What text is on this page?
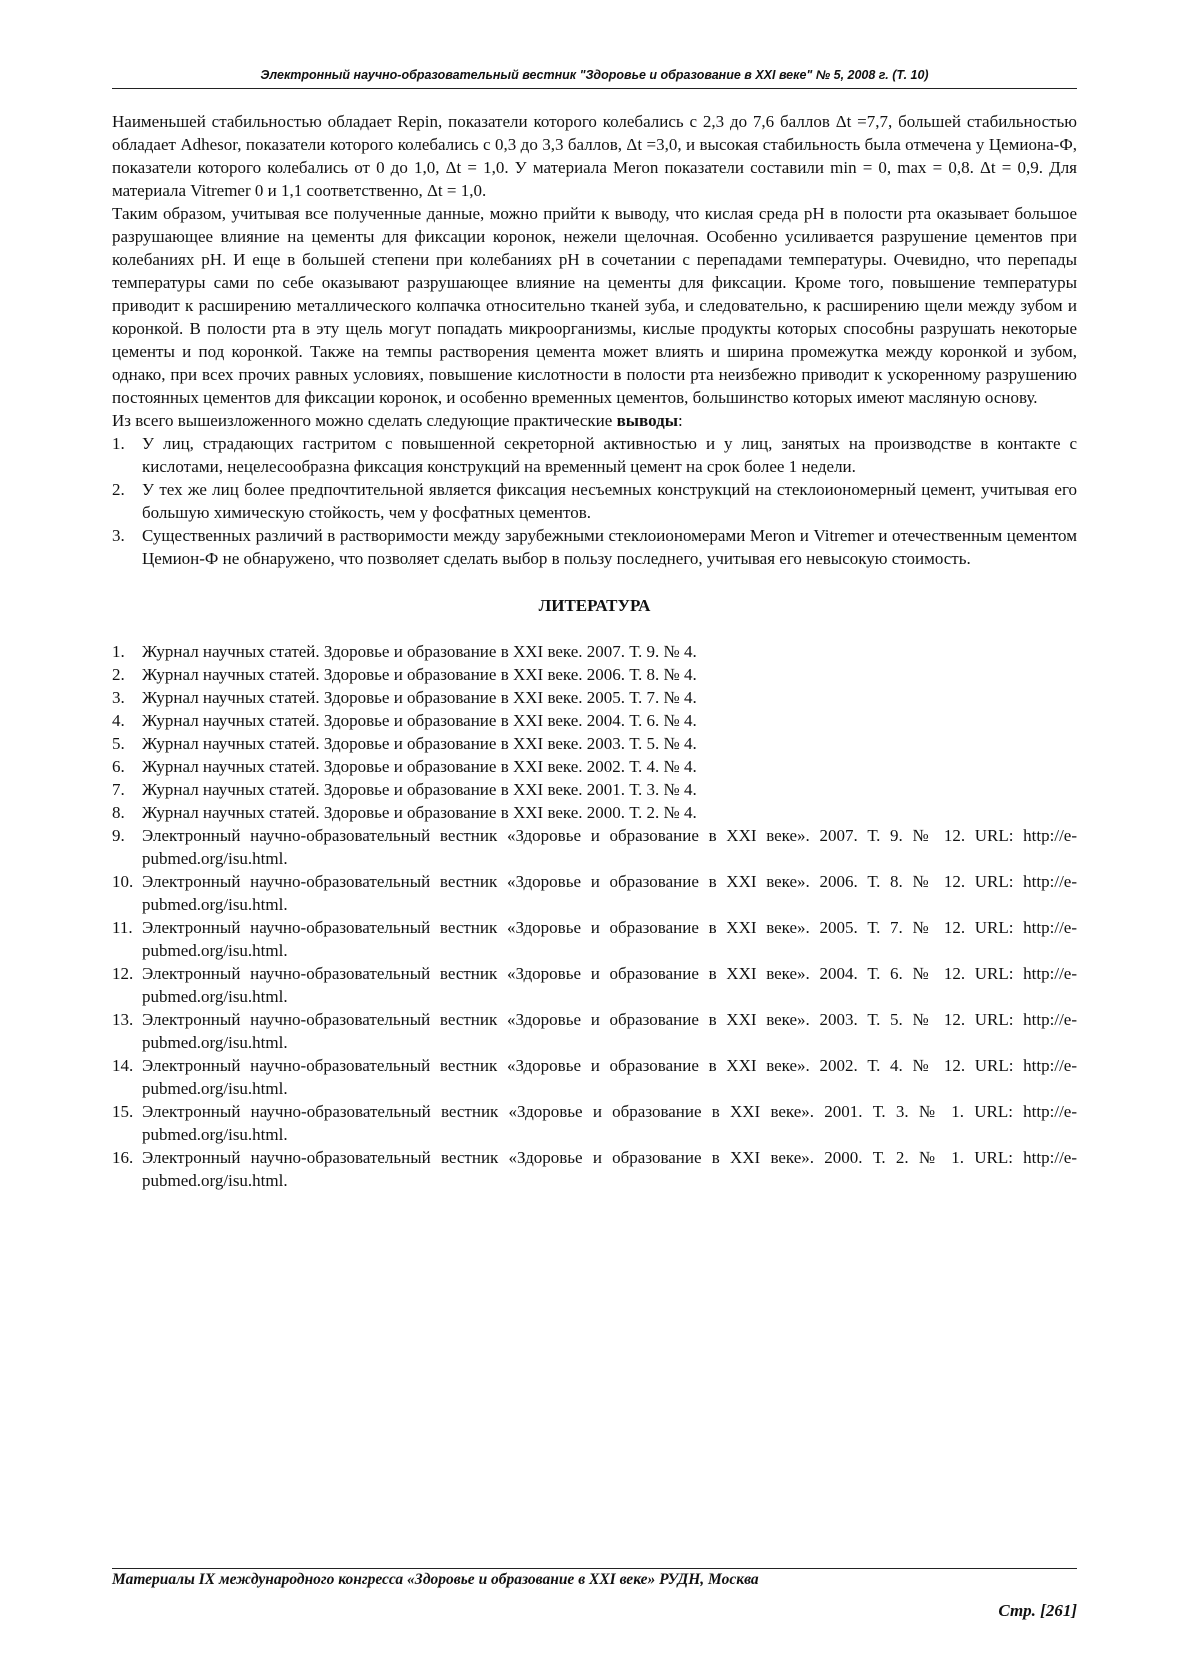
Электронный научно-образовательный вестник "Здоровье и образование в XXI веке" № 5, 2008 г. (Т. 10)

Наименьшей стабильностью обладает Repin, показатели которого колебались с 2,3 до 7,6 баллов Δt =7,7, большей стабильностью обладает Adhesor, показатели которого колебались с 0,3 до 3,3 баллов, Δt =3,0, и высокая стабильность была отмечена у Цемиона-Ф, показатели которого колебались от 0 до 1,0, Δt = 1,0. У материала Meron показатели составили min = 0, max = 0,8. Δt = 0,9. Для материала Vitremer 0 и 1,1 соответственно, Δt = 1,0.

Таким образом, учитывая все полученные данные, можно прийти к выводу, что кислая среда рН в полости рта оказывает большое разрушающее влияние на цементы для фиксации коронок, нежели щелочная. Особенно усиливается разрушение цементов при колебаниях рН. И еще в большей степени при колебаниях рН в сочетании с перепадами температуры. Очевидно, что перепады температуры сами по себе оказывают разрушающее влияние на цементы для фиксации. Кроме того, повышение температуры приводит к расширению металлического колпачка относительно тканей зуба, и следовательно, к расширению щели между зубом и коронкой. В полости рта в эту щель могут попадать микроорганизмы, кислые продукты которых способны разрушать некоторые цементы и под коронкой. Также на темпы растворения цемента может влиять и ширина промежутка между коронкой и зубом, однако, при всех прочих равных условиях, повышение кислотности в полости рта неизбежно приводит к ускоренному разрушению постоянных цементов для фиксации коронок, и особенно временных цементов, большинство которых имеют масляную основу.

Из всего вышеизложенного можно сделать следующие практические выводы:

1. У лиц, страдающих гастритом с повышенной секреторной активностью и у лиц, занятых на производстве в контакте с кислотами, нецелесообразна фиксация конструкций на временный цемент на срок более 1 недели.
2. У тех же лиц более предпочтительной является фиксация несъемных конструкций на стеклоиономерный цемент, учитывая его большую химическую стойкость, чем у фосфатных цементов.
3. Существенных различий в растворимости между зарубежными стеклоиономерами Meron и Vitremer и отечественным цементом Цемион-Ф не обнаружено, что позволяет сделать выбор в пользу последнего, учитывая его невысокую стоимость.
ЛИТЕРАТУРА
1. Журнал научных статей. Здоровье и образование в XXI веке. 2007. Т. 9. № 4.
2. Журнал научных статей. Здоровье и образование в XXI веке. 2006. Т. 8. № 4.
3. Журнал научных статей. Здоровье и образование в XXI веке. 2005. Т. 7. № 4.
4. Журнал научных статей. Здоровье и образование в XXI веке. 2004. Т. 6. № 4.
5. Журнал научных статей. Здоровье и образование в XXI веке. 2003. Т. 5. № 4.
6. Журнал научных статей. Здоровье и образование в XXI веке. 2002. Т. 4. № 4.
7. Журнал научных статей. Здоровье и образование в XXI веке. 2001. Т. 3. № 4.
8. Журнал научных статей. Здоровье и образование в XXI веке. 2000. Т. 2. № 4.
9. Электронный научно-образовательный вестник «Здоровье и образование в XXI веке». 2007. Т. 9. № 12. URL: http://e-pubmed.org/isu.html.
10. Электронный научно-образовательный вестник «Здоровье и образование в XXI веке». 2006. Т. 8. № 12. URL: http://e-pubmed.org/isu.html.
11. Электронный научно-образовательный вестник «Здоровье и образование в XXI веке». 2005. Т. 7. № 12. URL: http://e-pubmed.org/isu.html.
12. Электронный научно-образовательный вестник «Здоровье и образование в XXI веке». 2004. Т. 6. № 12. URL: http://e-pubmed.org/isu.html.
13. Электронный научно-образовательный вестник «Здоровье и образование в XXI веке». 2003. Т. 5. № 12. URL: http://e-pubmed.org/isu.html.
14. Электронный научно-образовательный вестник «Здоровье и образование в XXI веке». 2002. Т. 4. № 12. URL: http://e-pubmed.org/isu.html.
15. Электронный научно-образовательный вестник «Здоровье и образование в XXI веке». 2001. Т. 3. № 1. URL: http://e-pubmed.org/isu.html.
16. Электронный научно-образовательный вестник «Здоровье и образование в XXI веке». 2000. Т. 2. № 1. URL: http://e-pubmed.org/isu.html.
Материалы IX международного конгресса «Здоровье и образование в XXI веке» РУДН, Москва
Стр. [261]
